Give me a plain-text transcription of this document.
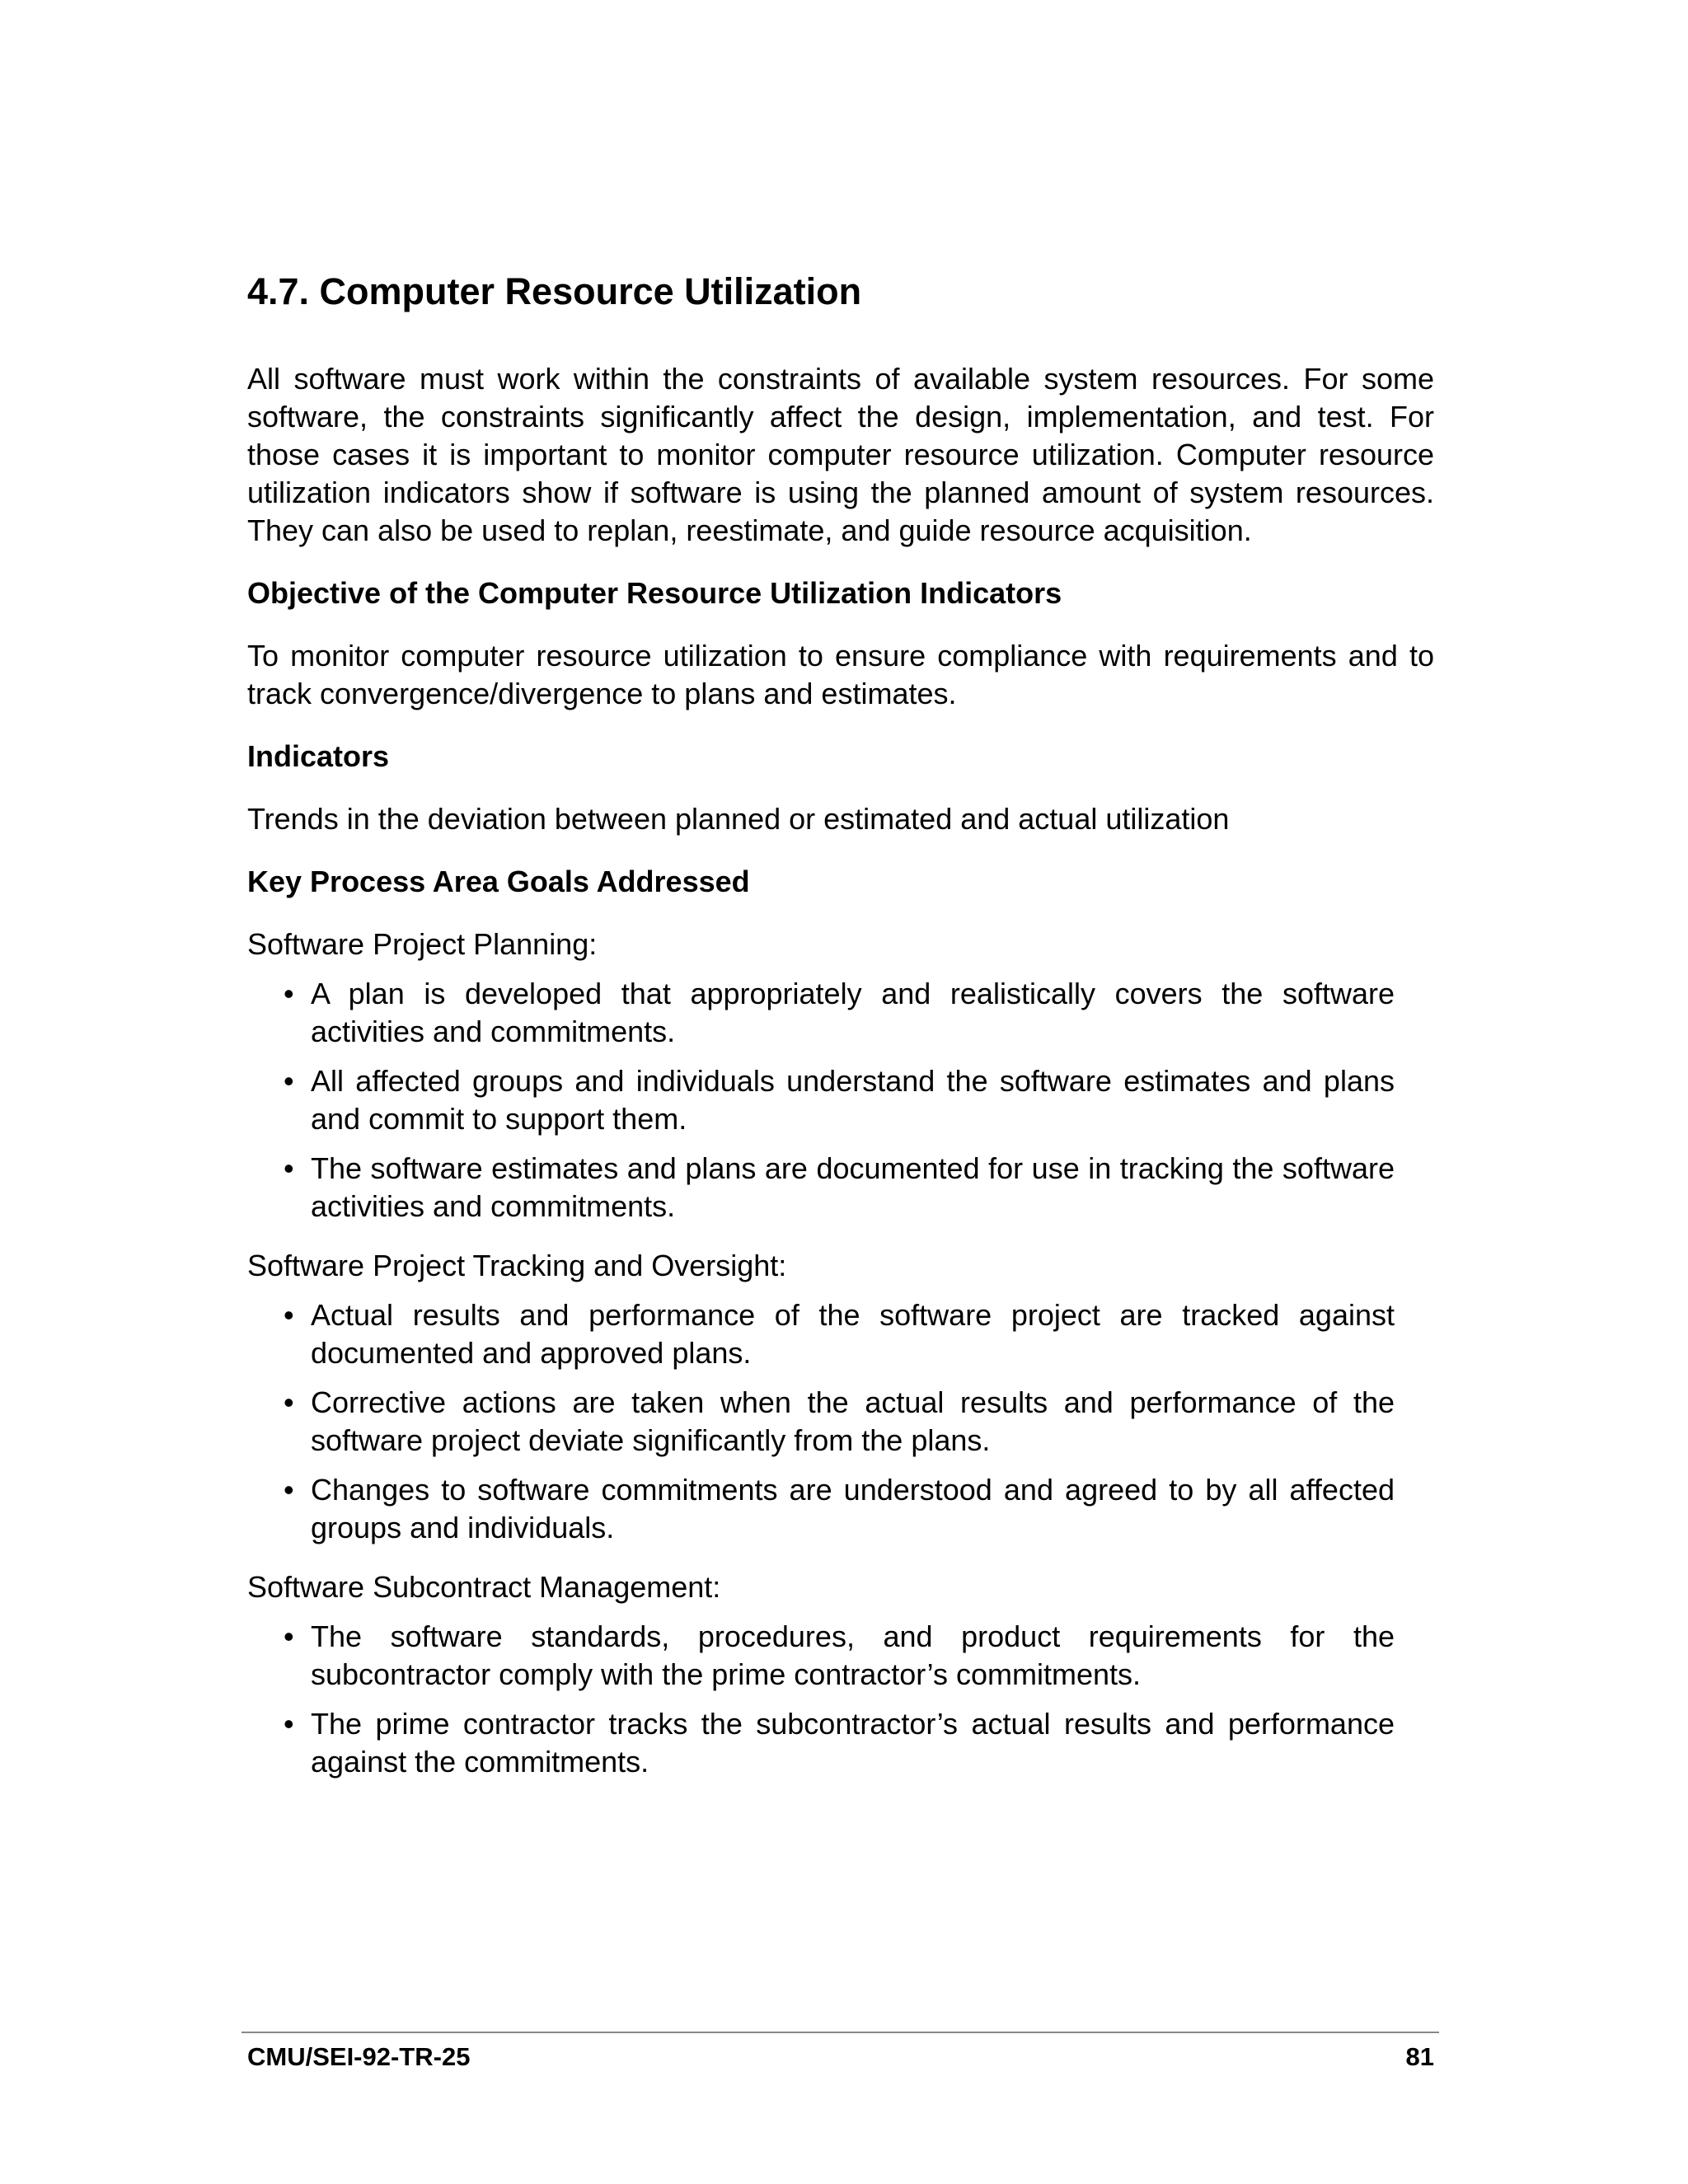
4.7. Computer Resource Utilization

All software must work within the constraints of available system resources. For some software, the constraints significantly affect the design, implementation, and test. For those cases it is important to monitor computer resource utilization. Computer resource utilization indicators show if software is using the planned amount of system resources. They can also be used to replan, reestimate, and guide resource acquisition.

Objective of the Computer Resource Utilization Indicators

To monitor computer resource utilization to ensure compliance with requirements and to track convergence/divergence to plans and estimates.

Indicators

Trends in the deviation between planned or estimated and actual utilization

Key Process Area Goals Addressed

Software Project Planning:

• A plan is developed that appropriately and realistically covers the software activities and commitments.
• All affected groups and individuals understand the software estimates and plans and commit to support them.
• The software estimates and plans are documented for use in tracking the software activities and commitments.

Software Project Tracking and Oversight:

• Actual results and performance of the software project are tracked against documented and approved plans.
• Corrective actions are taken when the actual results and performance of the software project deviate significantly from the plans.
• Changes to software commitments are understood and agreed to by all affected groups and individuals.

Software Subcontract Management:

• The software standards, procedures, and product requirements for the subcontractor comply with the prime contractor’s commitments.
• The prime contractor tracks the subcontractor’s actual results and performance against the commitments.
CMU/SEI-92-TR-25	81
